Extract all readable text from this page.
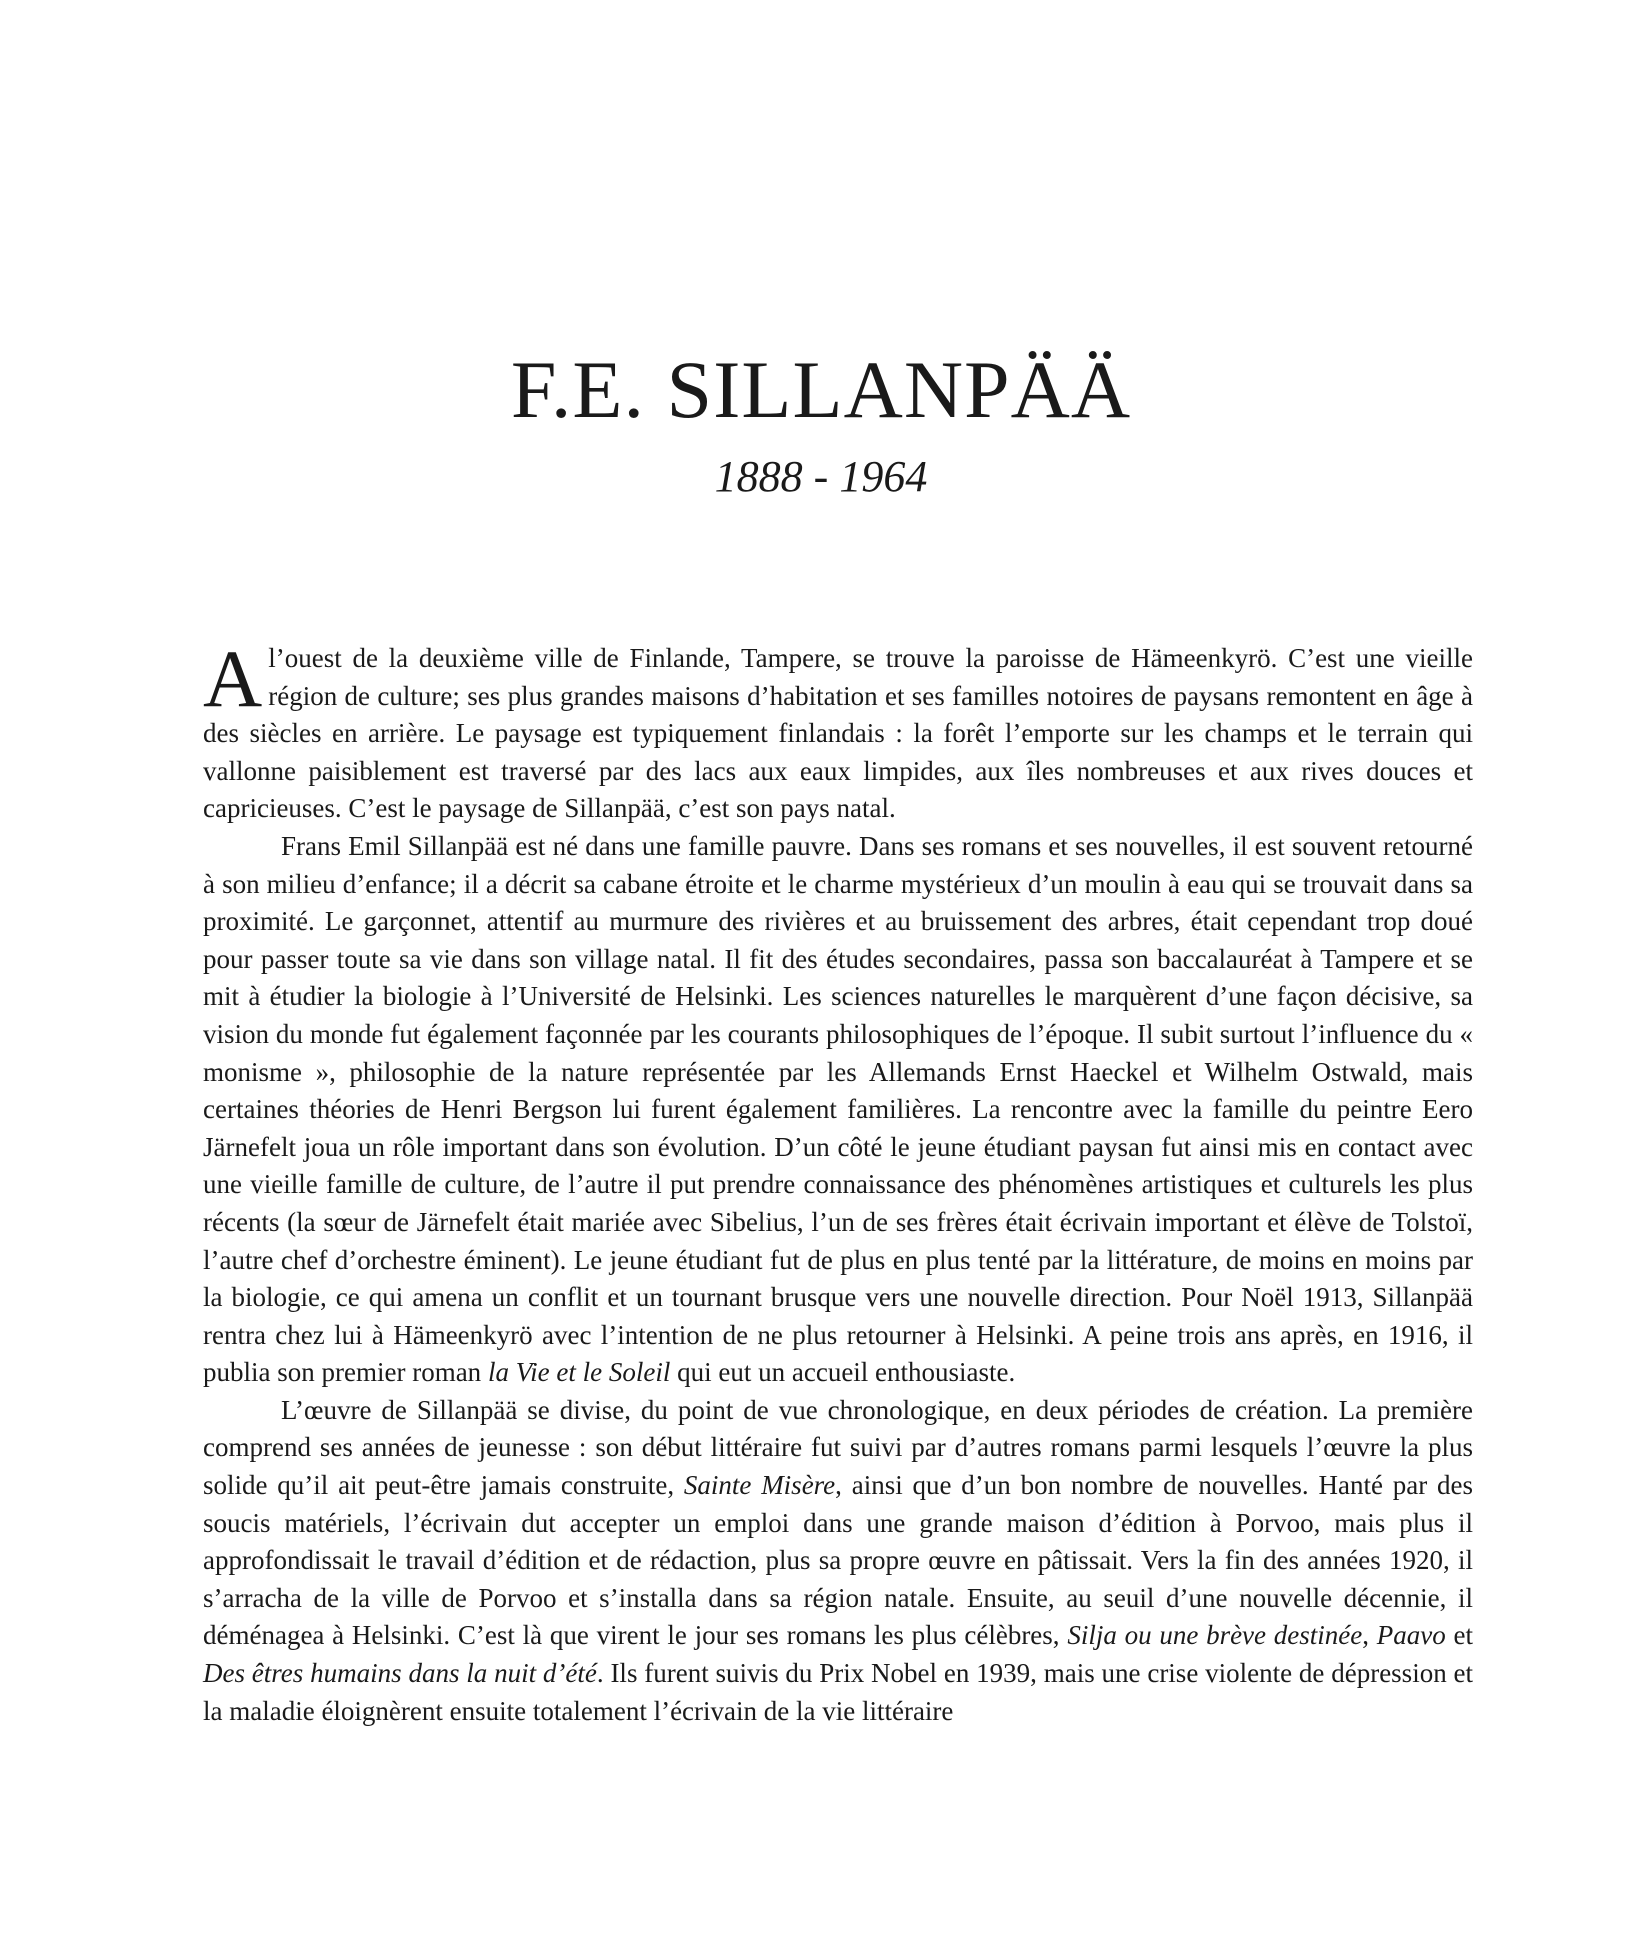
F.E. SILLANPÄÄ
1888 - 1964

A l’ouest de la deuxième ville de Finlande, Tampere, se trouve la paroisse de Hämeenkyrö. C’est une vieille région de culture; ses plus grandes maisons d’habitation et ses familles notoires de paysans remontent en âge à des siècles en arrière. Le paysage est typiquement finlandais : la forêt l’emporte sur les champs et le terrain qui vallonne paisiblement est traversé par des lacs aux eaux limpides, aux îles nombreuses et aux rives douces et capricieuses. C’est le paysage de Sillanpää, c’est son pays natal.

Frans Emil Sillanpää est né dans une famille pauvre. Dans ses romans et ses nouvelles, il est souvent retourné à son milieu d’enfance; il a décrit sa cabane étroite et le charme mystérieux d’un moulin à eau qui se trouvait dans sa proximité. Le garçonnet, attentif au murmure des rivières et au bruissement des arbres, était cependant trop doué pour passer toute sa vie dans son village natal. Il fit des études secondaires, passa son baccalauréat à Tampere et se mit à étudier la biologie à l’Université de Helsinki. Les sciences naturelles le marquèrent d’une façon décisive, sa vision du monde fut également façonnée par les courants philosophiques de l’époque. Il subit surtout l’influence du « monisme », philosophie de la nature représentée par les Allemands Ernst Haeckel et Wilhelm Ostwald, mais certaines théories de Henri Bergson lui furent également familières. La rencontre avec la famille du peintre Eero Järnefelt joua un rôle important dans son évolution. D’un côté le jeune étudiant paysan fut ainsi mis en contact avec une vieille famille de culture, de l’autre il put prendre connaissance des phénomènes artistiques et culturels les plus récents (la sœur de Järnefelt était mariée avec Sibelius, l’un de ses frères était écrivain important et élève de Tolstoï, l’autre chef d’orchestre éminent). Le jeune étudiant fut de plus en plus tenté par la littérature, de moins en moins par la biologie, ce qui amena un conflit et un tournant brusque vers une nouvelle direction. Pour Noël 1913, Sillanpää rentra chez lui à Hämeenkyrö avec l’intention de ne plus retourner à Helsinki. A peine trois ans après, en 1916, il publia son premier roman la Vie et le Soleil qui eut un accueil enthousiaste.

L’œuvre de Sillanpää se divise, du point de vue chronologique, en deux périodes de création. La première comprend ses années de jeunesse : son début littéraire fut suivi par d’autres romans parmi lesquels l’œuvre la plus solide qu’il ait peut-être jamais construite, Sainte Misère, ainsi que d’un bon nombre de nouvelles. Hanté par des soucis matériels, l’écrivain dut accepter un emploi dans une grande maison d’édition à Porvoo, mais plus il approfondissait le travail d’édition et de rédaction, plus sa propre œuvre en pâtissait. Vers la fin des années 1920, il s’arracha de la ville de Porvoo et s’installa dans sa région natale. Ensuite, au seuil d’une nouvelle décennie, il déménagea à Helsinki. C’est là que virent le jour ses romans les plus célèbres, Silja ou une brève destinée, Paavo et Des êtres humains dans la nuit d’été. Ils furent suivis du Prix Nobel en 1939, mais une crise violente de dépression et la maladie éloignèrent ensuite totalement l’écrivain de la vie littéraire
